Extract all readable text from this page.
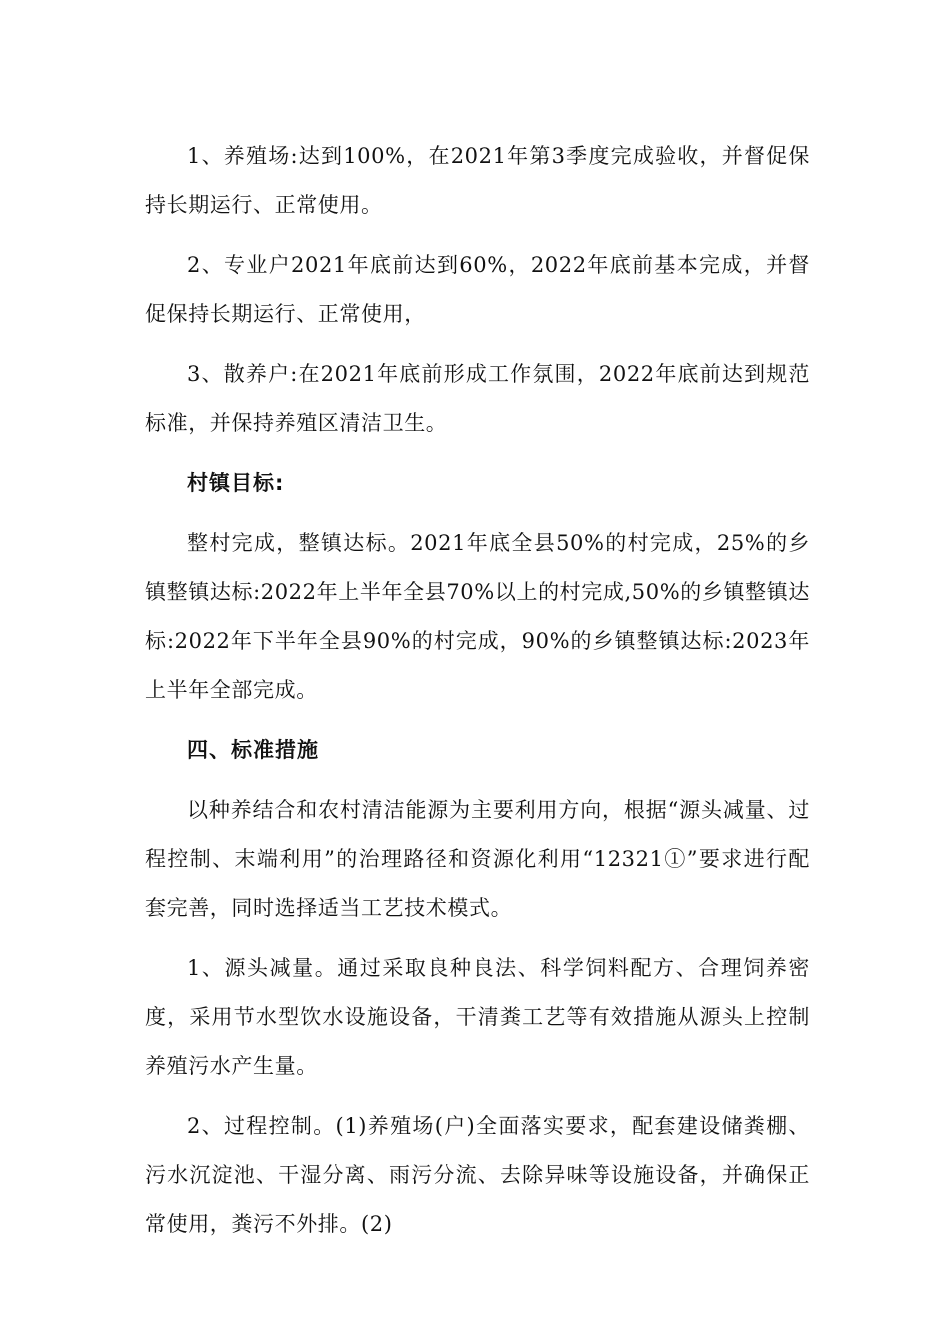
1、养殖场:达到100%，在2021年第3季度完成验收，并督促保持长期运行、正常使用。

2、专业户2021年底前达到60%，2022年底前基本完成，并督促保持长期运行、正常使用，

3、散养户:在2021年底前形成工作氛围，2022年底前达到规范标准，并保持养殖区清洁卫生。

村镇目标:

整村完成，整镇达标。2021年底全县50%的村完成，25%的乡镇整镇达标:2022年上半年全县70%以上的村完成,50%的乡镇整镇达标:2022年下半年全县90%的村完成，90%的乡镇整镇达标:2023年上半年全部完成。

四、标准措施

以种养结合和农村清洁能源为主要利用方向，根据“源头减量、过程控制、末端利用”的治理路径和资源化利用“12321①”要求进行配套完善，同时选择适当工艺技术模式。

1、源头减量。通过采取良种良法、科学饲料配方、合理饲养密度，采用节水型饮水设施设备，干清粪工艺等有效措施从源头上控制养殖污水产生量。

2、过程控制。(1)养殖场(户)全面落实要求，配套建设储粪棚、污水沉淀池、干湿分离、雨污分流、去除异味等设施设备，并确保正常使用，粪污不外排。(2)
